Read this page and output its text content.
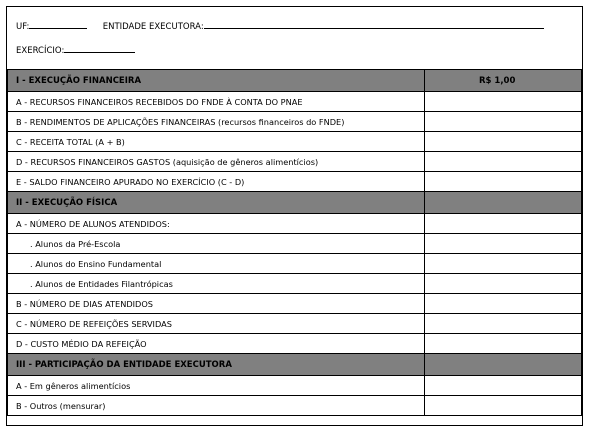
UF:	ENTIDADE EXECUTORA:
EXERCÍCIO:
I - EXECUÇÃO FINANCEIRA	R$ 1,00
A - RECURSOS FINANCEIROS RECEBIDOS DO FNDE À CONTA DO PNAE	
B - RENDIMENTOS DE APLICAÇÕES FINANCEIRAS (recursos financeiros do FNDE)	
C - RECEITA TOTAL (A + B)	
D - RECURSOS FINANCEIROS GASTOS (aquisição de gêneros alimentícios)	
E - SALDO FINANCEIRO APURADO NO EXERCÍCIO (C - D)	
II - EXECUÇÃO FÍSICA	
A - NÚMERO DE ALUNOS ATENDIDOS:	
. Alunos da Pré-Escola	
. Alunos do Ensino Fundamental	
. Alunos de Entidades Filantrópicas	
B - NÚMERO DE DIAS ATENDIDOS	
C - NÚMERO DE REFEIÇÕES SERVIDAS	
D - CUSTO MÉDIO DA REFEIÇÃO	
III - PARTICIPAÇÃO DA ENTIDADE EXECUTORA	
A - Em gêneros alimentícios	
B - Outros (mensurar)	
